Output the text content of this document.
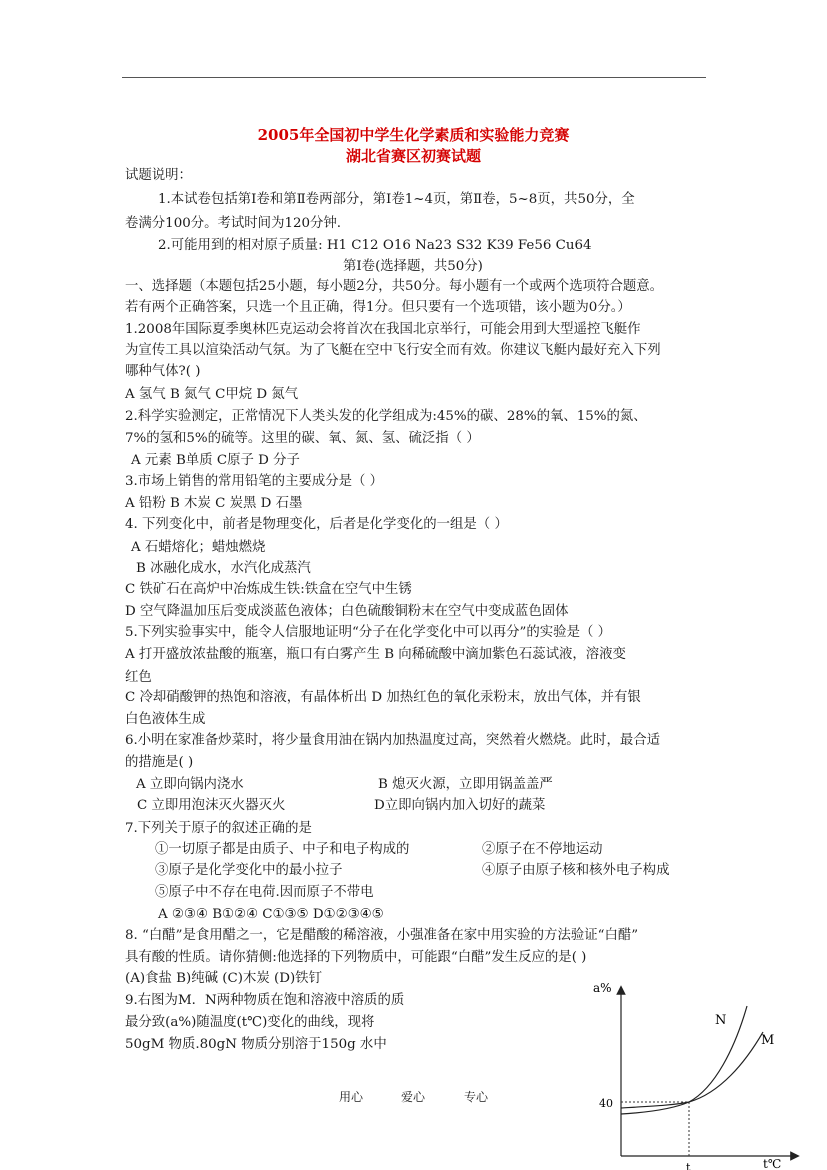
2005年全国初中学生化学素质和实验能力竞赛
湖北省赛区初赛试题
试题说明：
1.本试卷包括第Ⅰ卷和第Ⅱ卷两部分，第Ⅰ卷1~4页，第Ⅱ卷，5~8页，共50分，全
卷满分100分。考试时间为120分钟.
2.可能用到的相对原子质量: H1 C12 O16 Na23 S32 K39 Fe56 Cu64
第Ⅰ卷(选择题，共50分)
一、选择题（本题包括25小题，每小题2分，共50分。每小题有一个或两个选项符合题意。
若有两个正确答案，只选一个且正确，得1分。但只要有一个选项错，该小题为0分。）
1.2008年国际夏季奥林匹克运动会将首次在我国北京举行，可能会用到大型遥控飞艇作
为宣传工具以渲染活动气氛。为了飞艇在空中飞行安全而有效。你建议飞艇内最好充入下列
哪种气体?( )
A 氢气 B 氮气 C甲烷 D 氮气
2.科学实验测定，正常情况下人类头发的化学组成为:45%的碳、28%的氧、15%的氮、
7%的氢和5%的硫等。这里的碳、氧、氮、氢、硫泛指（ ）
A 元素 B单质 C原子 D 分子
3.市场上销售的常用铅笔的主要成分是（ ）
A 铅粉 B 木炭 C 炭黑 D 石墨
4. 下列变化中，前者是物理变化，后者是化学变化的一组是（ ）
A 石蜡熔化；蜡烛燃烧
B 冰融化成水，水汽化成蒸汽
C 铁矿石在高炉中冶炼成生铁:铁盒在空气中生锈
D 空气降温加压后变成淡蓝色液体；白色硫酸铜粉末在空气中变成蓝色固体
5.下列实验事实中，能令人信服地证明“分子在化学变化中可以再分”的实验是（ ）
A 打开盛放浓盐酸的瓶塞，瓶口有白雾产生 B 向稀硫酸中滴加紫色石蕊试液，溶液变
红色
C 冷却硝酸钾的热饱和溶液，有晶体析出 D 加热红色的氧化汞粉末，放出气体，并有银
白色液体生成
6.小明在家准备炒菜时，将少量食用油在锅内加热温度过高，突然着火燃烧。此时，最合适
的措施是( )
A 立即向锅内浇水	B 熄灭火源，立即用锅盖盖严
C 立即用泡沫灭火器灭火	D立即向锅内加入切好的蔬菜
7.下列关于原子的叙述正确的是
①一切原子都是由质子、中子和电子构成的	②原子在不停地运动
③原子是化学变化中的最小拉子	④原子由原子核和核外电子构成
⑤原子中不存在电荷.因而原子不带电
A ②③④ B①②④ C①③⑤ D①②③④⑤
8. “白醋”是食用醋之一，它是醋酸的稀溶液，小强准备在家中用实验的方法验证“白醋”
具有酸的性质。请你猜侧:他选择的下列物质中，可能跟“白醋”发生反应的是( )
(A)食盐 B)纯碱 (C)木炭 (D)铁钉
9.右图为M．N两种物质在饱和溶液中溶质的质
最分致(a%)随温度(t℃)变化的曲线，现将
50gM 物质.80gN 物质分别溶于150g 水中
用心	爱心	专心
a%
t℃
40
t
N
M
